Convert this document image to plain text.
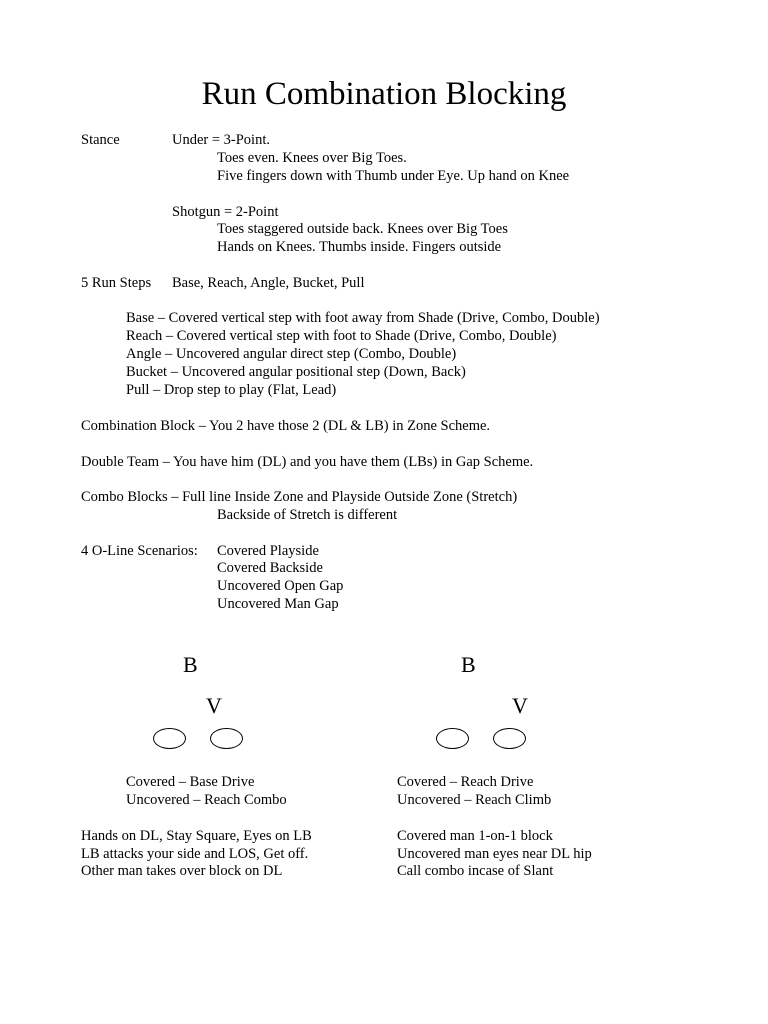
Run Combination Blocking
Stance	Under = 3-Point.
Toes even. Knees over Big Toes.
Five fingers down with Thumb under Eye. Up hand on Knee
Shotgun = 2-Point
Toes staggered outside back. Knees over Big Toes
Hands on Knees. Thumbs inside. Fingers outside
5 Run Steps Base, Reach, Angle, Bucket, Pull
Base – Covered vertical step with foot away from Shade (Drive, Combo, Double)
Reach – Covered vertical step with foot to Shade (Drive, Combo, Double)
Angle – Uncovered angular direct step (Combo, Double)
Bucket – Uncovered angular positional step (Down, Back)
Pull – Drop step to play (Flat, Lead)
Combination Block – You 2 have those 2 (DL & LB) in Zone Scheme.
Double Team – You have him (DL) and you have them (LBs) in Gap Scheme.
Combo Blocks – Full line Inside Zone and Playside Outside Zone (Stretch)
Backside of Stretch is different
4 O-Line Scenarios: Covered Playside
Covered Backside
Uncovered Open Gap
Uncovered Man Gap
B
V
Covered – Base Drive
Uncovered – Reach Combo
Hands on DL, Stay Square, Eyes on LB
LB attacks your side and LOS, Get off.
Other man takes over block on DL
B
V
Covered – Reach Drive
Uncovered – Reach Climb
Covered man 1-on-1 block
Uncovered man eyes near DL hip
Call combo incase of Slant
